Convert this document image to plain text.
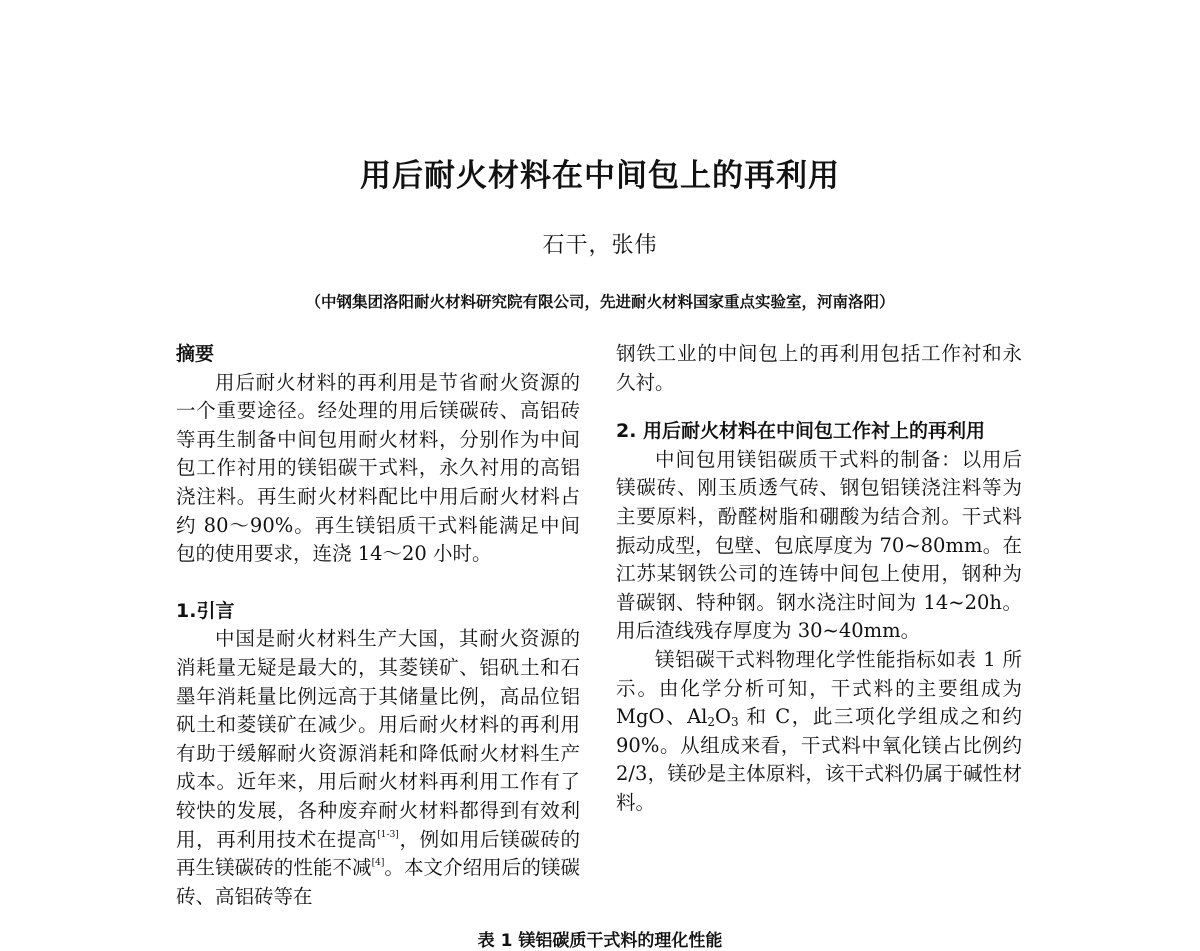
用后耐火材料在中间包上的再利用
石干，张伟
（中钢集团洛阳耐火材料研究院有限公司，先进耐火材料国家重点实验室，河南洛阳）

摘要

用后耐火材料的再利用是节省耐火资源的一个重要途径。经处理的用后镁碳砖、高铝砖等再生制备中间包用耐火材料，分别作为中间包工作衬用的镁铝碳干式料，永久衬用的高铝浇注料。再生耐火材料配比中用后耐火材料占约 80～90%。再生镁铝质干式料能满足中间包的使用要求，连浇 14～20 小时。

1.引言

中国是耐火材料生产大国，其耐火资源的消耗量无疑是最大的，其菱镁矿、铝矾土和石墨年消耗量比例远高于其储量比例，高品位铝矾土和菱镁矿在减少。用后耐火材料的再利用有助于缓解耐火资源消耗和降低耐火材料生产成本。近年来，用后耐火材料再利用工作有了较快的发展，各种废弃耐火材料都得到有效利用，再利用技术在提高[1-3]，例如用后镁碳砖的再生镁碳砖的性能不减[4]。本文介绍用后的镁碳砖、高铝砖等在

钢铁工业的中间包上的再利用包括工作衬和永久衬。

2. 用后耐火材料在中间包工作衬上的再利用

中间包用镁铝碳质干式料的制备：以用后镁碳砖、刚玉质透气砖、钢包铝镁浇注料等为主要原料，酚醛树脂和硼酸为结合剂。干式料振动成型，包壁、包底厚度为 70~80mm。在江苏某钢铁公司的连铸中间包上使用，钢种为普碳钢、特种钢。钢水浇注时间为 14~20h。用后渣线残存厚度为 30~40mm。

镁铝碳干式料物理化学性能指标如表 1 所示。由化学分析可知，干式料的主要组成为 MgO、$Al_2O_3$ 和 C，此三项化学组成之和约 90%。从组成来看，干式料中氧化镁占比例约 2/3，镁砂是主体原料，该干式料仍属于碱性材料。

表 1 镁铝碳质干式料的理化性能
